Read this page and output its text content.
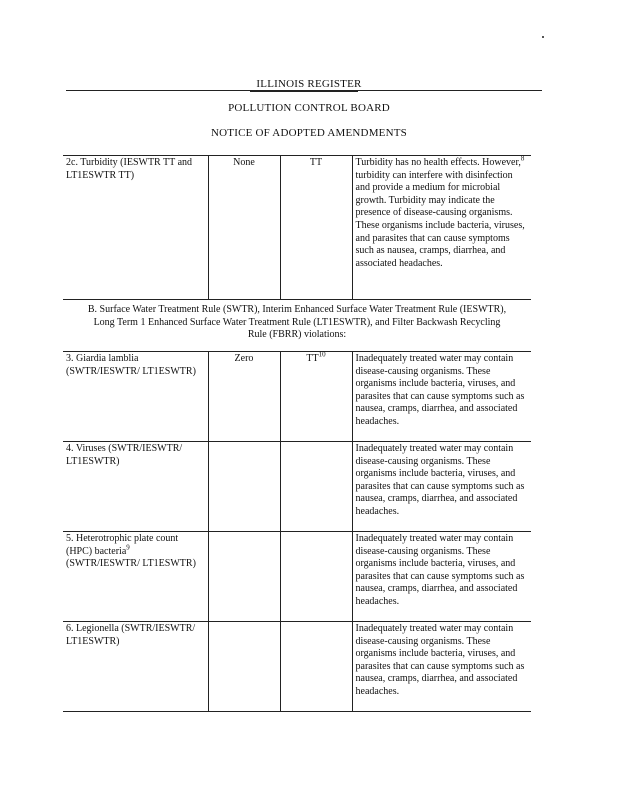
ILLINOIS REGISTER
POLLUTION CONTROL BOARD
NOTICE OF ADOPTED AMENDMENTS
2c. Turbidity (IESWTR TT and LT1ESWTR TT)	None	TT	Turbidity has no health effects. However,$^8$ turbidity can interfere with disinfection and provide a medium for microbial growth. Turbidity may indicate the presence of disease-causing organisms. These organisms include bacteria, viruses, and parasites that can cause symptoms such as nausea, cramps, diarrhea, and associated headaches.
B. Surface Water Treatment Rule (SWTR), Interim Enhanced Surface Water Treatment Rule (IESWTR), Long Term 1 Enhanced Surface Water Treatment Rule (LT1ESWTR), and Filter Backwash Recycling Rule (FBRR) violations:			
3. Giardia lamblia (SWTR/IESWTR/ LT1ESWTR)	Zero	TT$^{10}$	Inadequately treated water may contain disease-causing organisms. These organisms include bacteria, viruses, and parasites that can cause symptoms such as nausea, cramps, diarrhea, and associated headaches.
4. Viruses (SWTR/IESWTR/ LT1ESWTR)			Inadequately treated water may contain disease-causing organisms. These organisms include bacteria, viruses, and parasites that can cause symptoms such as nausea, cramps, diarrhea, and associated headaches.
5. Heterotrophic plate count (HPC) bacteria$^9$ (SWTR/IESWTR/ LT1ESWTR)			Inadequately treated water may contain disease-causing organisms. These organisms include bacteria, viruses, and parasites that can cause symptoms such as nausea, cramps, diarrhea, and associated headaches.
6. Legionella (SWTR/IESWTR/ LT1ESWTR)			Inadequately treated water may contain disease-causing organisms. These organisms include bacteria, viruses, and parasites that can cause symptoms such as nausea, cramps, diarrhea, and associated headaches.
